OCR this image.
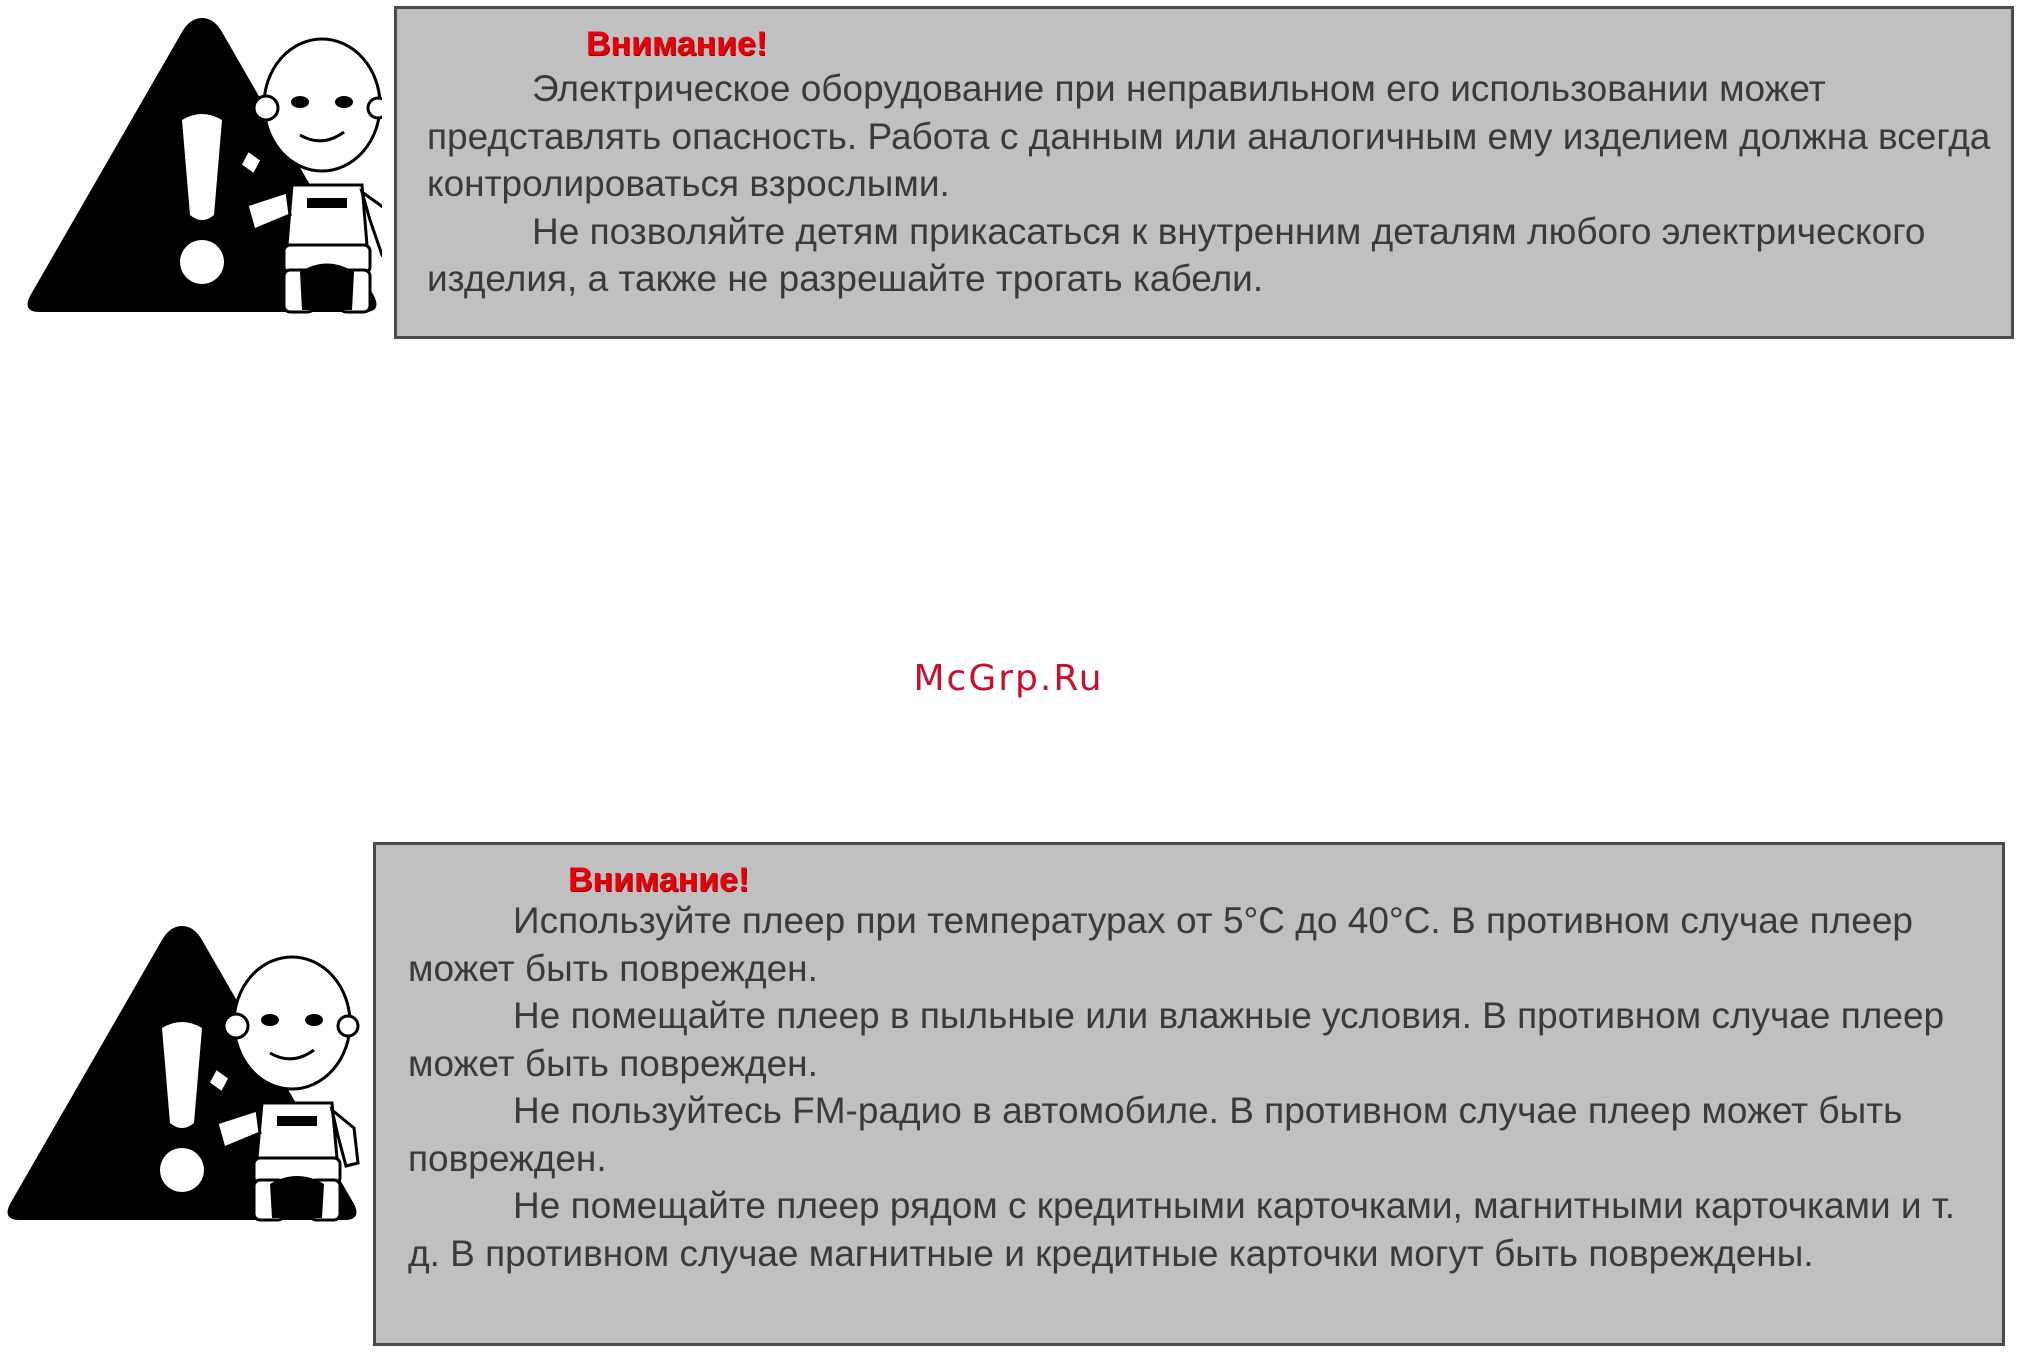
Внимание!

Электрическое оборудование при неправильном его использовании может представлять опасность. Работа с данным или аналогичным ему изделием должна всегда контролироваться взрослыми.

Не позволяйте детям прикасаться к внутренним деталям любого электрического изделия, а также не разрешайте трогать кабели.

McGrp.Ru
Внимание!

Используйте плеер при температурах от 5°C до 40°C. В противном случае плеер может быть поврежден.

Не помещайте плеер в пыльные или влажные условия. В противном случае плеер может быть поврежден.

Не пользуйтесь FM-радио в автомобиле. В противном случае плеер может быть поврежден.

Не помещайте плеер рядом с кредитными карточками, магнитными карточками и т. д. В противном случае магнитные и кредитные карточки могут быть повреждены.
